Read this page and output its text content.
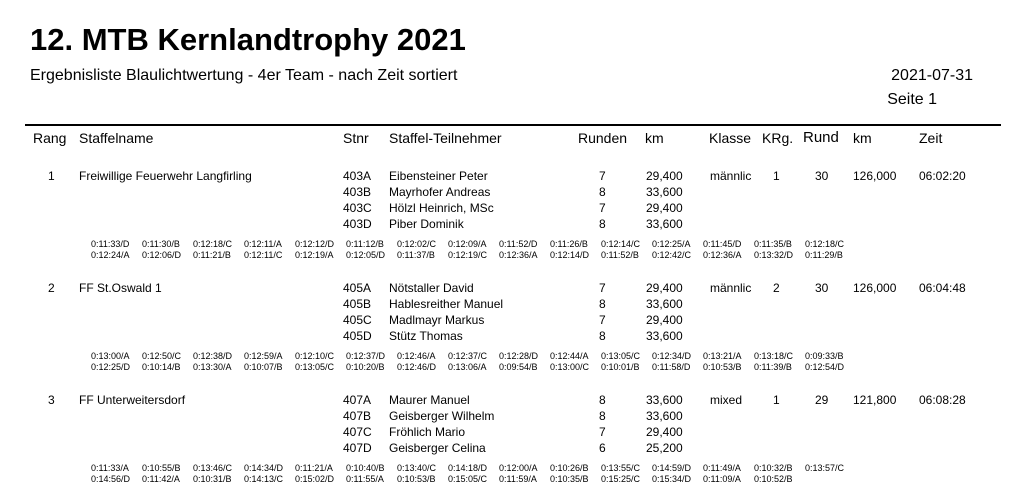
12. MTB Kernlandtrophy 2021
Ergebnisliste Blaulichtwertung - 4er Team - nach Zeit sortiert	2021-07-31
Seite 1
Rang Staffelname	Stnr Staffel-Teilnehmer	Runden km	Klasse KRg. Rund km	Zeit
1 Freiwillige Feuerwehr Langfirling	männlic	1	30 126,000 06:02:20
403A Eibensteiner Peter	7	29,400
403B Mayrhofer Andreas	8	33,600
403C Hölzl Heinrich, MSc	7	29,400
403D Piber Dominik	8	33,600
0:11:33/D 0:11:30/B 0:12:18/C 0:12:11/A 0:12:12/D 0:11:12/B 0:12:02/C 0:12:09/A 0:11:52/D 0:11:26/B 0:12:14/C 0:12:25/A 0:11:45/D 0:11:35/B 0:12:18/C
0:12:24/A 0:12:06/D 0:11:21/B 0:12:11/C 0:12:19/A 0:12:05/D 0:11:37/B 0:12:19/C 0:12:36/A 0:12:14/D 0:11:52/B 0:12:42/C 0:12:36/A 0:13:32/D 0:11:29/B
2 FF St.Oswald 1	männlic	2	30 126,000 06:04:48
405A Nötstaller David	7	29,400
405B Hablesreither Manuel	8	33,600
405C Madlmayr Markus	7	29,400
405D Stütz Thomas	8	33,600
0:13:00/A 0:12:50/C 0:12:38/D 0:12:59/A 0:12:10/C 0:12:37/D 0:12:46/A 0:12:37/C 0:12:28/D 0:12:44/A 0:13:05/C 0:12:34/D 0:13:21/A 0:13:18/C 0:09:33/B
0:12:25/D 0:10:14/B 0:13:30/A 0:10:07/B 0:13:05/C 0:10:20/B 0:12:46/D 0:13:06/A 0:09:54/B 0:13:00/C 0:10:01/B 0:11:58/D 0:10:53/B 0:11:39/B 0:12:54/D
3 FF Unterweitersdorf	mixed	1	29 121,800 06:08:28
407A Maurer Manuel	8	33,600
407B Geisberger Wilhelm	8	33,600
407C Fröhlich Mario	7	29,400
407D Geisberger Celina	6	25,200
0:11:33/A 0:10:55/B 0:13:46/C 0:14:34/D 0:11:21/A 0:10:40/B 0:13:40/C 0:14:18/D 0:12:00/A 0:10:26/B 0:13:55/C 0:14:59/D 0:11:49/A 0:10:32/B 0:13:57/C
0:14:56/D 0:11:42/A 0:10:31/B 0:14:13/C 0:15:02/D 0:11:55/A 0:10:53/B 0:15:05/C 0:11:59/A 0:10:35/B 0:15:25/C 0:15:34/D 0:11:09/A 0:10:52/B
